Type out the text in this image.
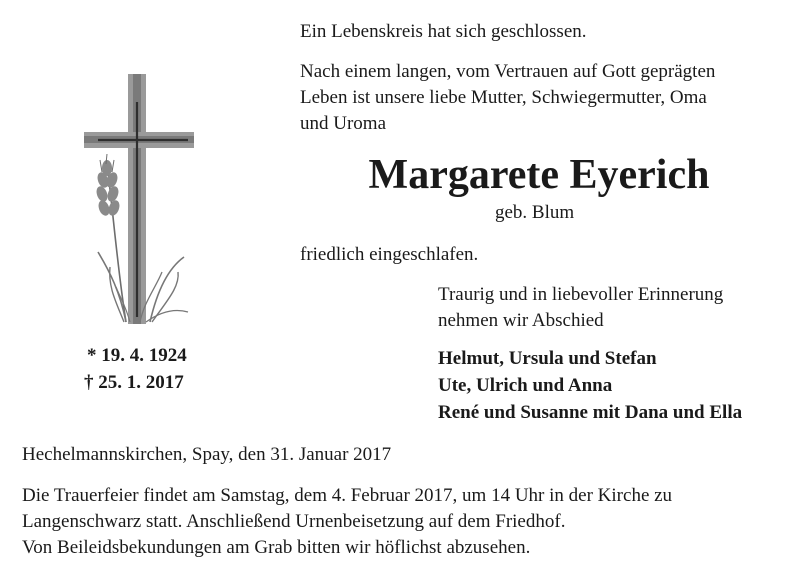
Ein Lebenskreis hat sich geschlossen.

Nach einem langen, vom Vertrauen auf Gott geprägten

Leben ist unsere liebe Mutter, Schwiegermutter, Oma

und Uroma

Margarete Eyerich

geb. Blum

friedlich eingeschlafen.

Traurig und in liebevoller Erinnerung

nehmen wir Abschied

* 19. 4. 1924

† 25. 1. 2017

Helmut, Ursula und Stefan

Ute, Ulrich und Anna

René und Susanne mit Dana und Ella

Hechelmannskirchen, Spay, den 31. Januar 2017

Die Trauerfeier findet am Samstag, dem 4. Februar 2017, um 14 Uhr in der Kirche zu

Langenschwarz statt. Anschließend Urnenbeisetzung auf dem Friedhof.

Von Beileidsbekundungen am Grab bitten wir höflichst abzusehen.
